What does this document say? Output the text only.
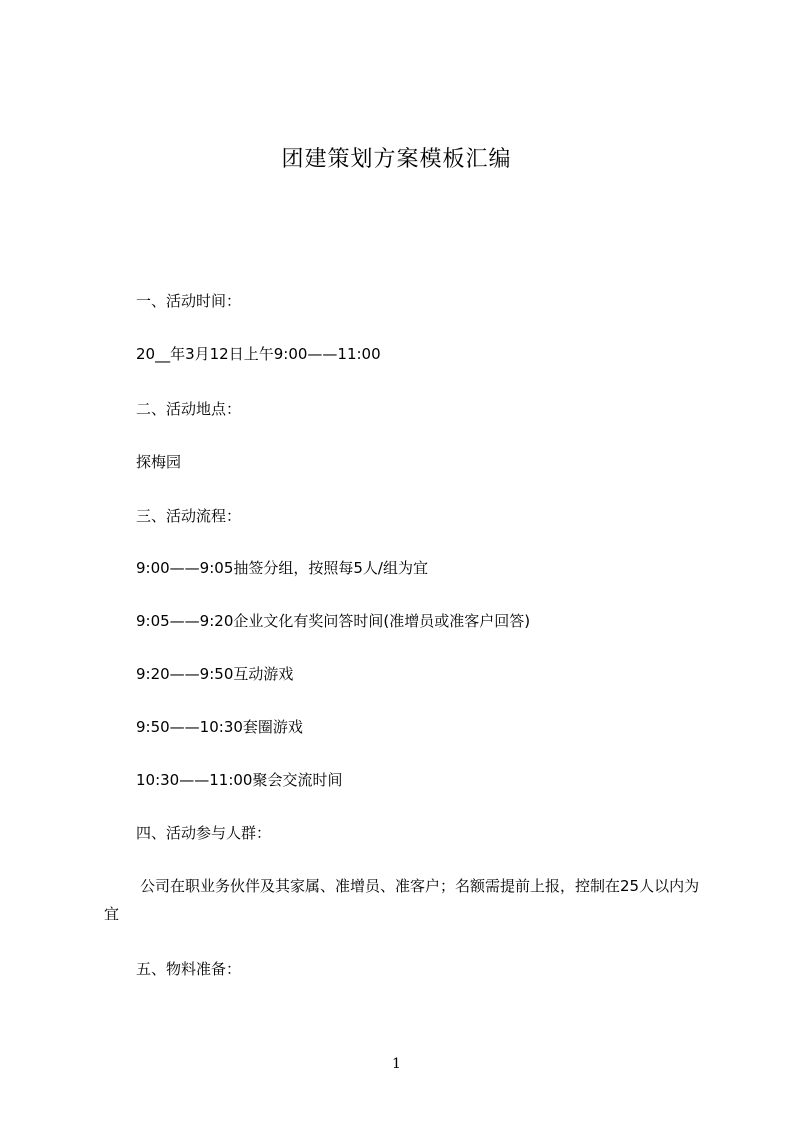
团建策划方案模板汇编
一、活动时间：
20__年3月12日上午9:00——11:00
二、活动地点：
探梅园
三、活动流程：
9:00——9:05抽签分组，按照每5人/组为宜
9:05——9:20企业文化有奖问答时间(准增员或准客户回答)
9:20——9:50互动游戏
9:50——10:30套圈游戏
10:30——11:00聚会交流时间
四、活动参与人群：
公司在职业务伙伴及其家属、准增员、准客户；名额需提前上报，控制在25人以内为宜
五、物料准备：
1
